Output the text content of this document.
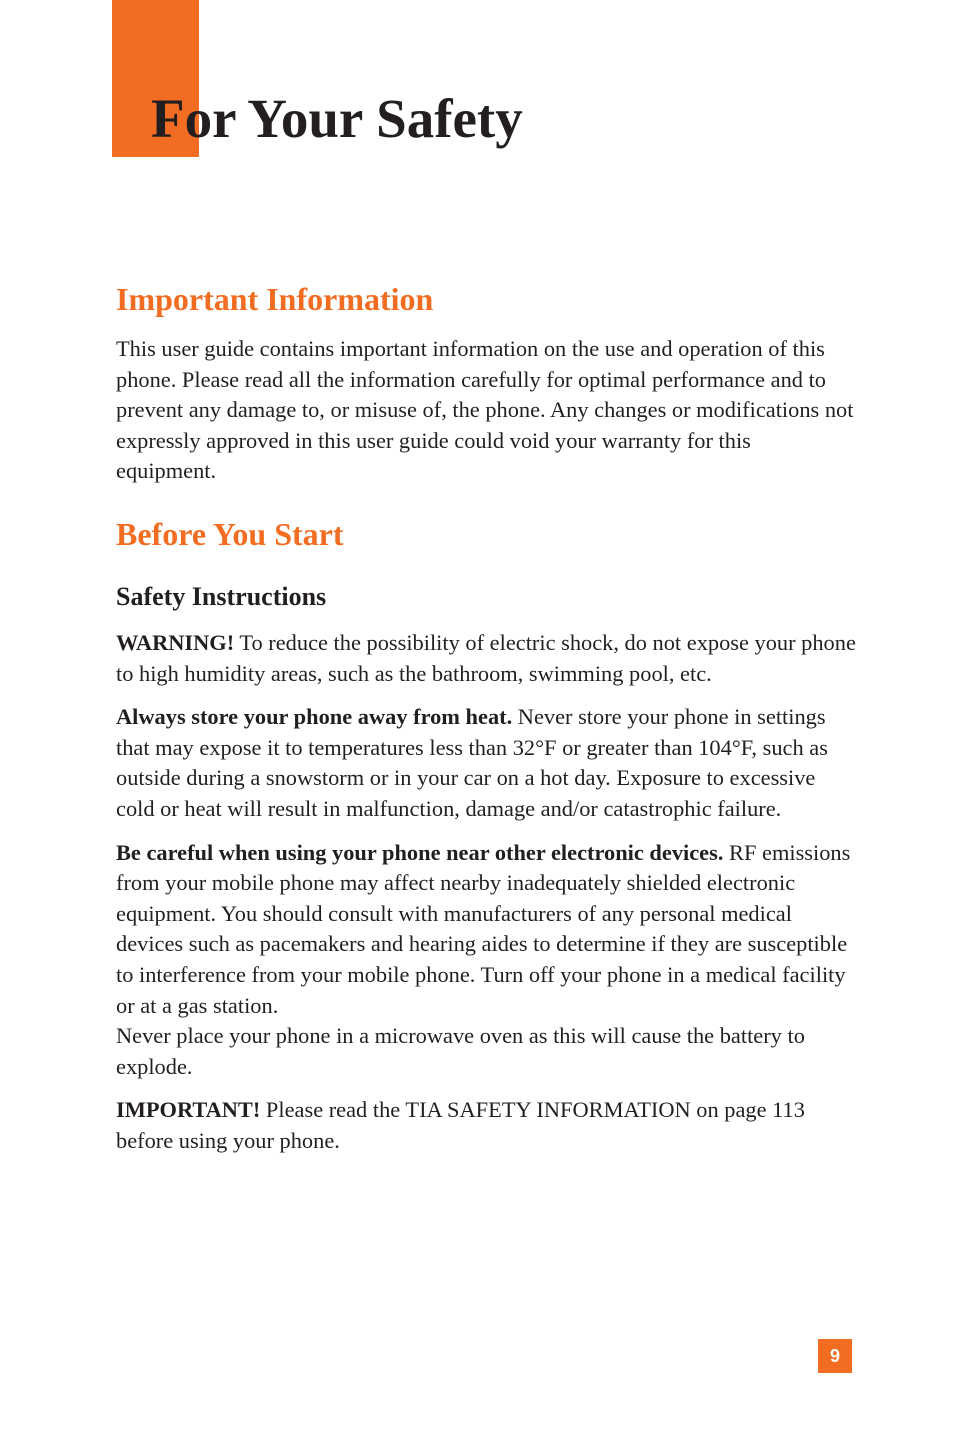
For Your Safety
Important Information

This user guide contains important information on the use and operation of this phone. Please read all the information carefully for optimal performance and to prevent any damage to, or misuse of, the phone. Any changes or modifications not expressly approved in this user guide could void your warranty for this equipment.

Before You Start
Safety Instructions

WARNING! To reduce the possibility of electric shock, do not expose your phone to high humidity areas, such as the bathroom, swimming pool, etc.

Always store your phone away from heat. Never store your phone in settings that may expose it to temperatures less than 32°F or greater than 104°F, such as outside during a snowstorm or in your car on a hot day. Exposure to excessive cold or heat will result in malfunction, damage and/or catastrophic failure.

Be careful when using your phone near other electronic devices. RF emissions from your mobile phone may affect nearby inadequately shielded electronic equipment. You should consult with manufacturers of any personal medical devices such as pacemakers and hearing aides to determine if they are susceptible to interference from your mobile phone. Turn off your phone in a medical facility or at a gas station.

Never place your phone in a microwave oven as this will cause the battery to explode.

IMPORTANT! Please read the TIA SAFETY INFORMATION on page 113 before using your phone.

9
